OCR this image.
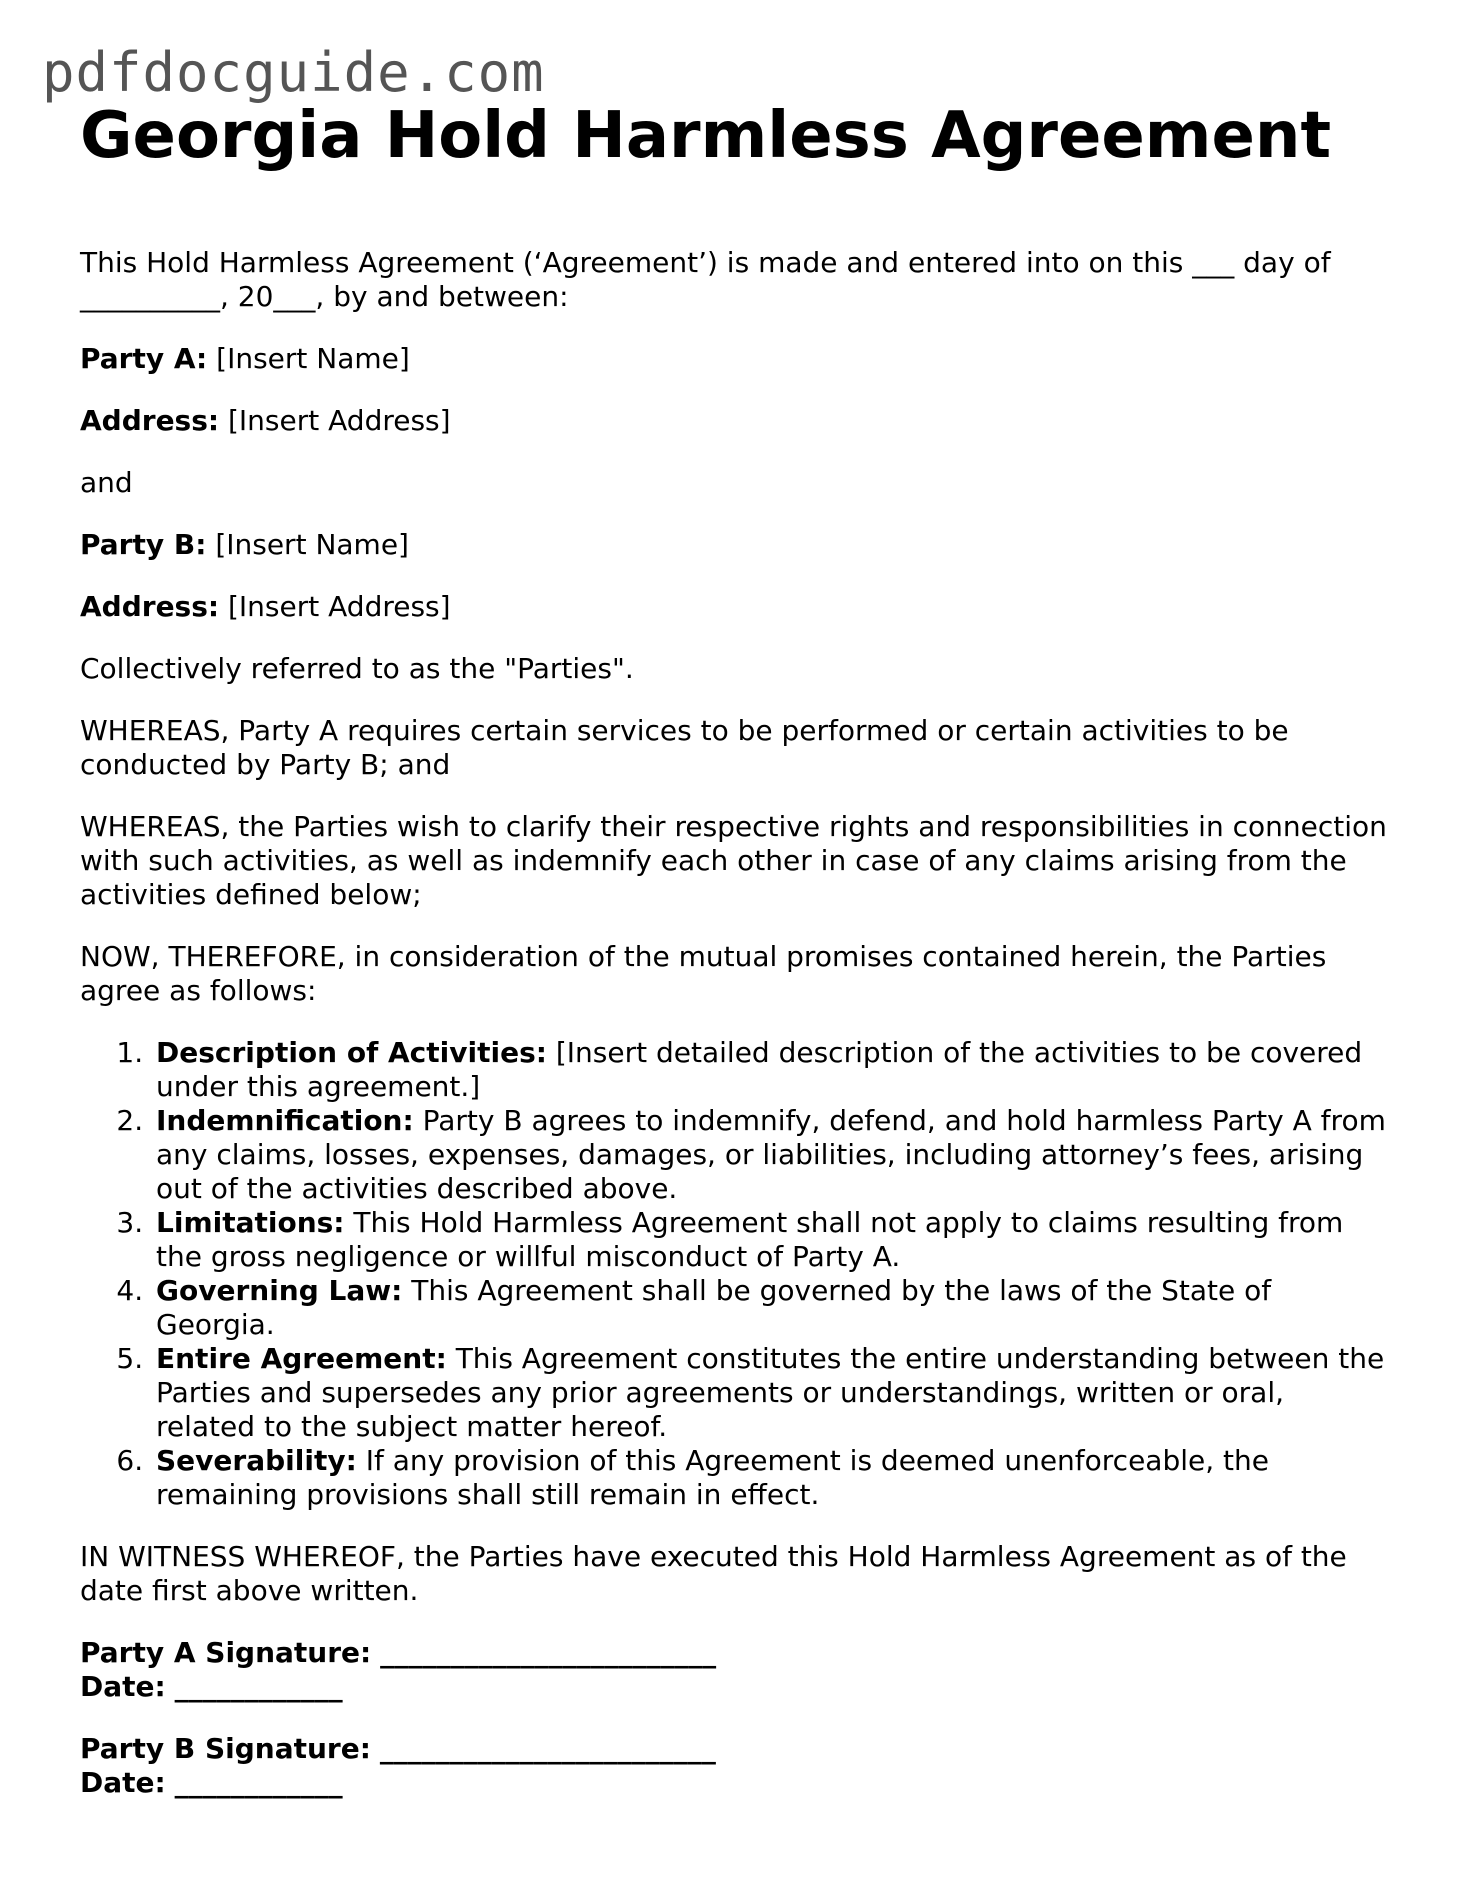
pdfdocguide.com
Georgia Hold Harmless Agreement

This Hold Harmless Agreement (‘Agreement’) is made and entered into on this ___ day of __________, 20___, by and between:

Party A: [Insert Name]

Address: [Insert Address]

and

Party B: [Insert Name]

Address: [Insert Address]

Collectively referred to as the "Parties".

WHEREAS, Party A requires certain services to be performed or certain activities to be conducted by Party B; and

WHEREAS, the Parties wish to clarify their respective rights and responsibilities in connection with such activities, as well as indemnify each other in case of any claims arising from the activities defined below;

NOW, THEREFORE, in consideration of the mutual promises contained herein, the Parties agree as follows:

1. Description of Activities: [Insert detailed description of the activities to be covered under this agreement.]
2. Indemnification: Party B agrees to indemnify, defend, and hold harmless Party A from any claims, losses, expenses, damages, or liabilities, including attorney’s fees, arising out of the activities described above.
3. Limitations: This Hold Harmless Agreement shall not apply to claims resulting from the gross negligence or willful misconduct of Party A.
4. Governing Law: This Agreement shall be governed by the laws of the State of Georgia.
5. Entire Agreement: This Agreement constitutes the entire understanding between the Parties and supersedes any prior agreements or understandings, written or oral, related to the subject matter hereof.
6. Severability: If any provision of this Agreement is deemed unenforceable, the remaining provisions shall still remain in effect.

IN WITNESS WHEREOF, the Parties have executed this Hold Harmless Agreement as of the date first above written.

Party A Signature: ________________________

Date: ____________

Party B Signature: ________________________

Date: ____________
